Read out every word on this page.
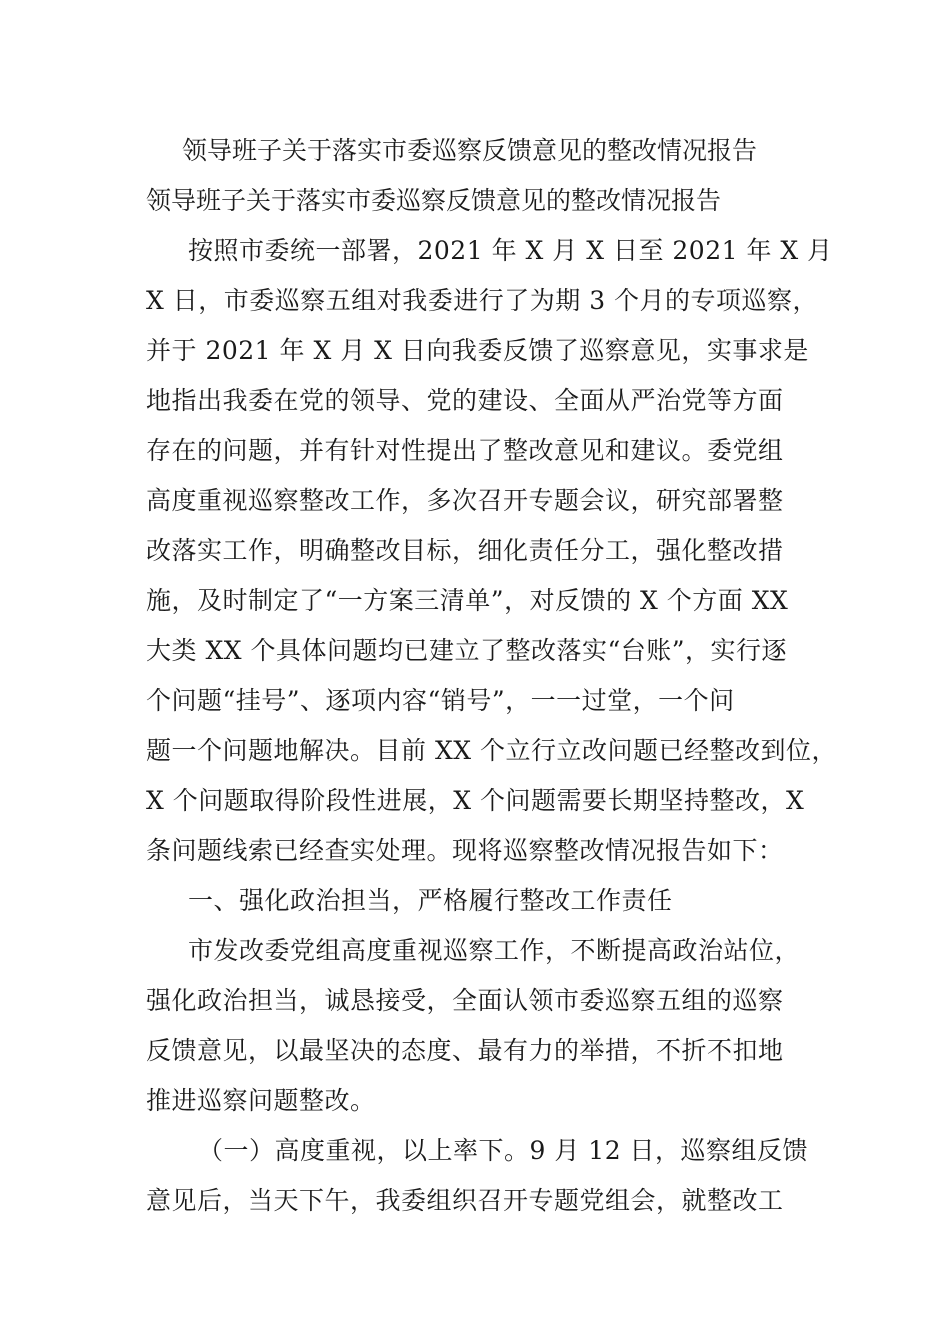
领导班子关于落实市委巡察反馈意见的整改情况报告
领导班子关于落实市委巡察反馈意见的整改情况报告
按照市委统一部署，2021 年 X 月 X 日至 2021 年 X 月
X 日，市委巡察五组对我委进行了为期 3 个月的专项巡察，
并于 2021 年 X 月 X 日向我委反馈了巡察意见，实事求是
地指出我委在党的领导、党的建设、全面从严治党等方面
存在的问题，并有针对性提出了整改意见和建议。委党组
高度重视巡察整改工作，多次召开专题会议，研究部署整
改落实工作，明确整改目标，细化责任分工，强化整改措
施，及时制定了“一方案三清单”，对反馈的 X 个方面 XX
大类 XX 个具体问题均已建立了整改落实“台账”，实行逐
个问题“挂号”、逐项内容“销号”，一一过堂，一个问
题一个问题地解决。目前 XX 个立行立改问题已经整改到位，
X 个问题取得阶段性进展，X 个问题需要长期坚持整改，X
条问题线索已经查实处理。现将巡察整改情况报告如下：
一、强化政治担当，严格履行整改工作责任
市发改委党组高度重视巡察工作，不断提高政治站位，
强化政治担当，诚恳接受，全面认领市委巡察五组的巡察
反馈意见，以最坚决的态度、最有力的举措，不折不扣地
推进巡察问题整改。
（一）高度重视，以上率下。9 月 12 日，巡察组反馈
意见后，当天下午，我委组织召开专题党组会，就整改工
